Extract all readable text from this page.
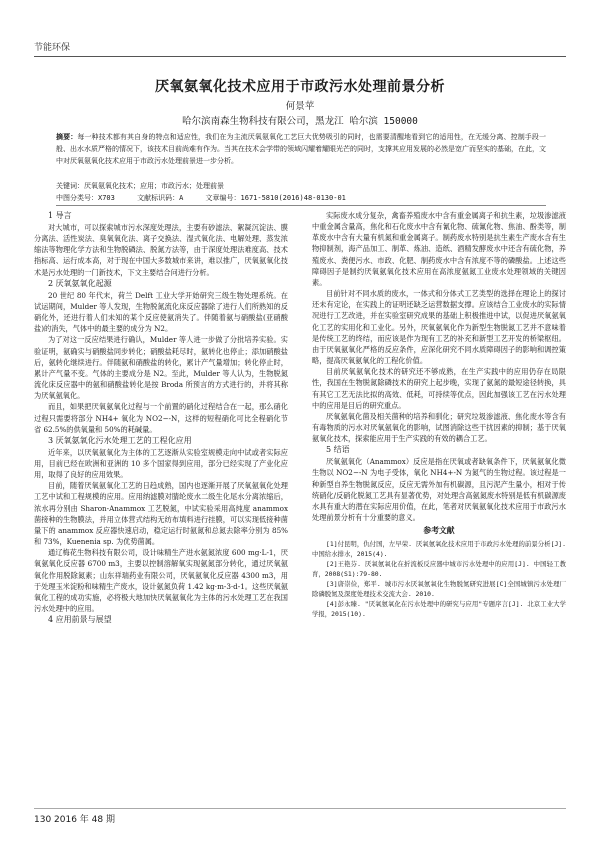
节能环保
厌氧氨氧化技术应用于市政污水处理前景分析
何景苹
哈尔滨南森生物科技有限公司，黑龙江 哈尔滨 150000
摘要：每一种技术都有其自身的特点和适应性，我们在为主流厌氧氨氧化工艺巨大优势吸引的同时，也需要清醒地看到它的适用性，在无缓分离、控制手段一般、出水水质严格的情况下，该技术目前尚难有作为。当其在技术会学带的领域闪耀着耀眼光芒的同时，支撑其应用发展的必然是宽广而坚实的基础，在此，文中对厌氧氨氧化技术应用于市政污水处理前景进一步分析。
关键词：厌氧氨氧化技术；应用；市政污水；处理前景
中图分类号：X703	文献标识码：A	文章编号：1671-5810(2016)48-0130-01
1 导言

对大城市，可以探索城市污水深度处理法，主要有砂滤法、絮凝沉淀法、膜分离法、活性炭法、臭氧氧化法、离子交换法、湿式氧化法、电解处理、蒸发浓缩法等物理化学方法和生物脱磷法、脱氮方法等，由于深度处理法难度高、技术指标高、运行成本高，对于现在中国大多数城市来讲，难以推广，厌氧氨氧化技术是污水处理的一门新技术，下文主要结合问进行分析。

2 厌氧氨氧化起源

20 世纪 80 年代末，荷兰 Delft 工业大学开始研究三级生物处理系统。在试运期间，Mulder 等人发现，生物脱氮流化床反应器除了进行人们所熟知的反硝化外，还进行着人们未知的某个反应使氨消失了。伴随着氨与硝酸盐(亚硝酸盐)的消失，气体中的最主要的成分为 N2。

为了对这一反应结果进行确认，Mulder 等人进一步做了分批培养实验。实验证明，氨确实与硝酸盐同步转化；硝酸盐耗尽时，氨转化也停止；添加硝酸盐后，氨转化继续进行。伴随氨和硝酸盐的转化，累计产气量增加；转化停止时，累计产气量不变。气体的主要成分是 N2。至此，Mulder 等人认为，生物脱氮流化床反应器中的氨和硝酸盐转化是按 Broda 所预言的方式进行的，并将其称为厌氧氨氧化。

而且，如果把厌氧氨氧化过程与一个前置的硝化过程结合在一起，那么硝化过程只需要将部分 NH4+ 氧化为 NO2−-N，这样的短程硝化可比全程硝化节省 62.5%的供氧量和 50%的耗碱量。

3 厌氧氨氧化污水处理工艺的工程化应用

近年来，以厌氧氨氧化为主体的工艺逐渐从实验室规模走向中试或者实际应用，目前已经在欧洲和亚洲的 10 多个国家得到应用，部分已经实现了产业化应用，取得了良好的应用效果。

目前，随着厌氧氨氧化工艺的日趋成熟，国内也逐渐开展了厌氧氨氧化处理工艺中试和工程规模的应用。应用纳滤膜对腈纶废水二级生化尾水分离浓缩后，浓水再分别由 Sharon-Anammox 工艺脱氮，中试实验采用高纯度 anammox 菌接种的生物膜法，并用立体营式结构无纺布填料进行挂膜，可以实现低接种菌量下的 anammox 反应器快速启动，稳定运行时氨氮和总氮去除率分别为 85%和 73%，Kuenenia sp. 为优势菌属。

通辽梅花生物科技有限公司，设计味精生产进水氨氮浓度 600 mg·L-1，厌氧氨氧化反应器 6700 m3，主要以控制溶解氧实现氨氮部分转化，通过厌氧氨氧化作用脱除氮素；山东祥瑞药业有限公司，厌氧氨氧化反应器 4300 m3，用于处理玉米淀粉和味精生产废水，设计氨氮负荷 1.42 kg·m-3·d-1。这些厌氧氨氧化工程的成功实施，必将极大地加快厌氧氨氧化为主体的污水处理工艺在我国污水处理中的应用。

4 应用前景与展望

实际废水成分复杂，禽畜养殖废水中含有重金属离子和抗生素，垃圾渗滤液中重金属含量高，焦化和石化废水中含有氰化物、硫氰化物、焦油、酚类等，制革废水中含有大量有机氮和重金属离子。制药废水特别是抗生素生产废水含有生物抑制剂，海产品加工、制革、炼油、造纸、酒精发酵废水中还含有硫化物，养殖废水、粪便污水、市政、化肥、制药废水中含有浓度不等的磷酸盐。上述这些障碍因子是制约厌氧氨氧化技术应用在高浓度氨氮工业废水处理领域的关键因素。

目前针对不同水质的废水，一体式和分体式工艺类型的选择在理论上的探讨还未有定论，在实践上的证明还缺乏运营数据支撑。应该结合工业废水的实际情况进行工艺改进，并在实验室研究成果的基础上积极推进中试，以促进厌氧氨氧化工艺的实用化和工业化。另外，厌氧氨氧化作为新型生物脱氮工艺并不意味着是传统工艺的终结，而应该是作为现有工艺的补充和新型工艺开发的桥梁枢纽。由于厌氧氨氧化严格的反应条件，应深化研究不同水质障碍因子的影响和调控策略，提高厌氧氨氧化的工程化价值。

目前厌氧氨氧化技术的研究还不够成熟，在生产实践中的应用仍存在局限性，我国在生物脱氮除磷技术的研究上起步晚，实现了氨氮的最短途径转换，具有其它工艺无法比拟的高效、低耗，可持续等优点，因此加强该工艺在污水处理中的应用是目后的研究重点。

厌氧氨氧化菌及相关菌种的培养和驯化；研究垃圾渗滤液、焦化废水等含有有毒物质的污水对厌氧氨氧化的影响，试图消除这些干扰因素的抑制；基于厌氧氨氧化技术，探索能应用于生产实践的有效的耦合工艺。

5 结语

厌氧氨氧化（Anammox）反应是指在厌氧或者缺氧条件下，厌氧氨氧化微生物以 NO2−-N 为电子受体，氧化 NH4+-N 为氮气的生物过程。该过程是一种新型自养生物脱氮反应，反应无需外加有机碳源，且污泥产生量小，相对于传统硝化/反硝化脱氮工艺具有显著优势，对处理含高氨氮废水特别是低有机碳源废水具有重大的潜在实际应用价值，在此，笔者对厌氧氨氧化技术应用于市政污水处理前景分析有十分重要的意义。

参考文献

[1]付昆明，仇付国，左早荣. 厌氧氨氧化技术应用于市政污水处理的前景分析[J]. 中国给水排水，2015(4).

[2]王艳芬. 厌氧氨氧化在折流板反应器中城市污水处理中的应用[J]. 中国轻工教育，2008(S1):79-80.

[3]唐崇俭，郑平. 城市污水厌氧氨氧化生物脱氮研究进展[C]全国城镇污水处理厂除磷脱氮及深度处理技术交流大会. 2010.

[4]彭永臻. "厌氧氨氧化在污水处理中的研究与应用"专题序言[J]. 北京工业大学学报，2015(10).

130 2016 年 48 期
